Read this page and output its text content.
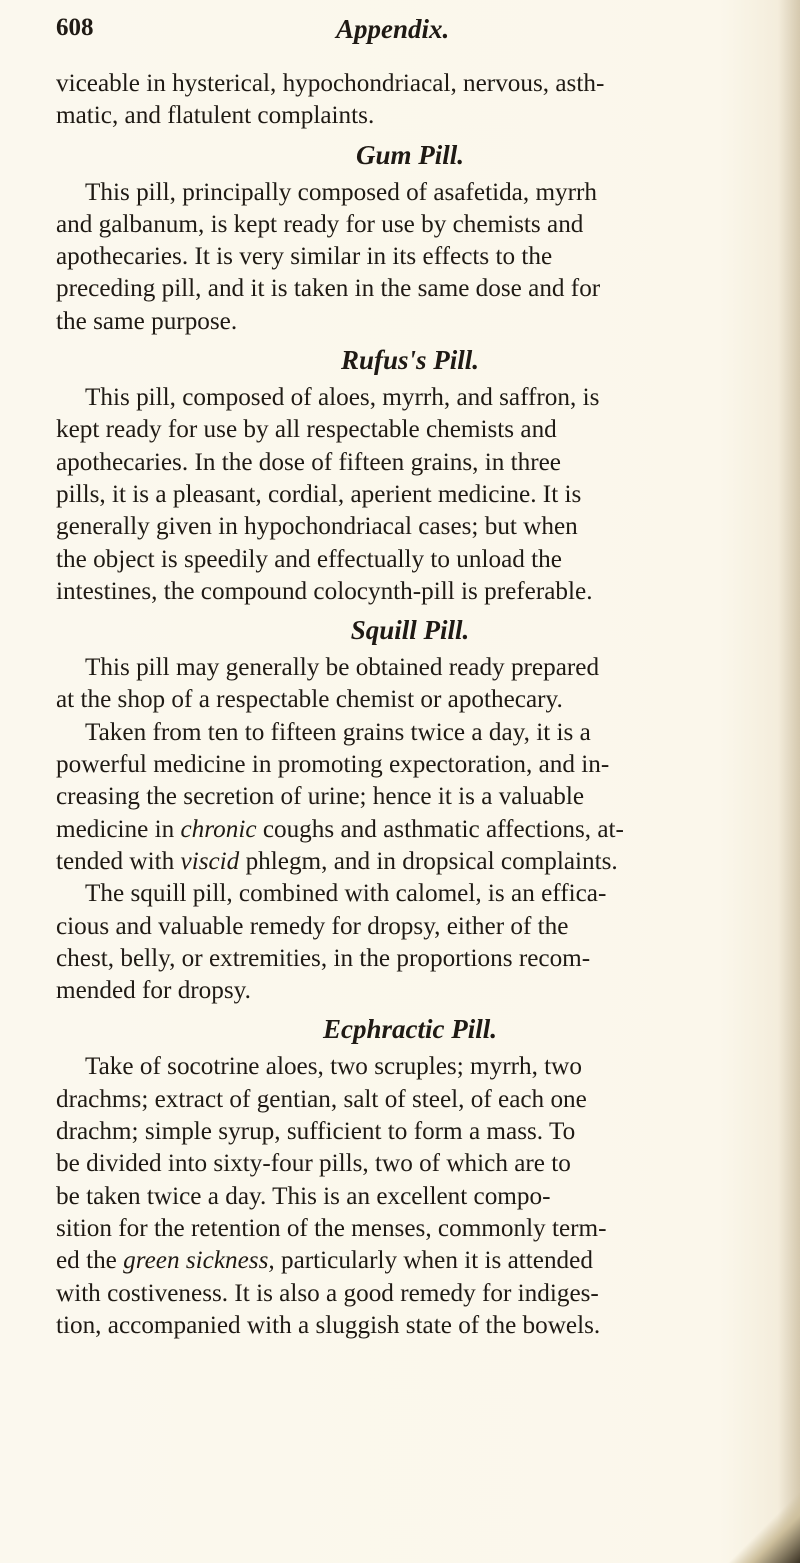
608	Appendix.

viceable in hysterical, hypochondriacal, nervous, asth-
matic, and flatulent complaints.

Gum Pill.

This pill, principally composed of asafetida, myrrh
and galbanum, is kept ready for use by chemists and
apothecaries. It is very similar in its effects to the
preceding pill, and it is taken in the same dose and for
the same purpose.

Rufus's Pill.

This pill, composed of aloes, myrrh, and saffron, is
kept ready for use by all respectable chemists and
apothecaries. In the dose of fifteen grains, in three
pills, it is a pleasant, cordial, aperient medicine. It is
generally given in hypochondriacal cases; but when
the object is speedily and effectually to unload the
intestines, the compound colocynth-pill is preferable.

Squill Pill.

This pill may generally be obtained ready prepared
at the shop of a respectable chemist or apothecary.

Taken from ten to fifteen grains twice a day, it is a
powerful medicine in promoting expectoration, and in-
creasing the secretion of urine; hence it is a valuable
medicine in chronic coughs and asthmatic affections, at-
tended with viscid phlegm, and in dropsical complaints.

The squill pill, combined with calomel, is an effica-
cious and valuable remedy for dropsy, either of the
chest, belly, or extremities, in the proportions recom-
mended for dropsy.

Ecphractic Pill.

Take of socotrine aloes, two scruples; myrrh, two
drachms; extract of gentian, salt of steel, of each one
drachm; simple syrup, sufficient to form a mass. To
be divided into sixty-four pills, two of which are to
be taken twice a day. This is an excellent compo-
sition for the retention of the menses, commonly term-
ed the green sickness, particularly when it is attended
with costiveness. It is also a good remedy for indiges-
tion, accompanied with a sluggish state of the bowels.
